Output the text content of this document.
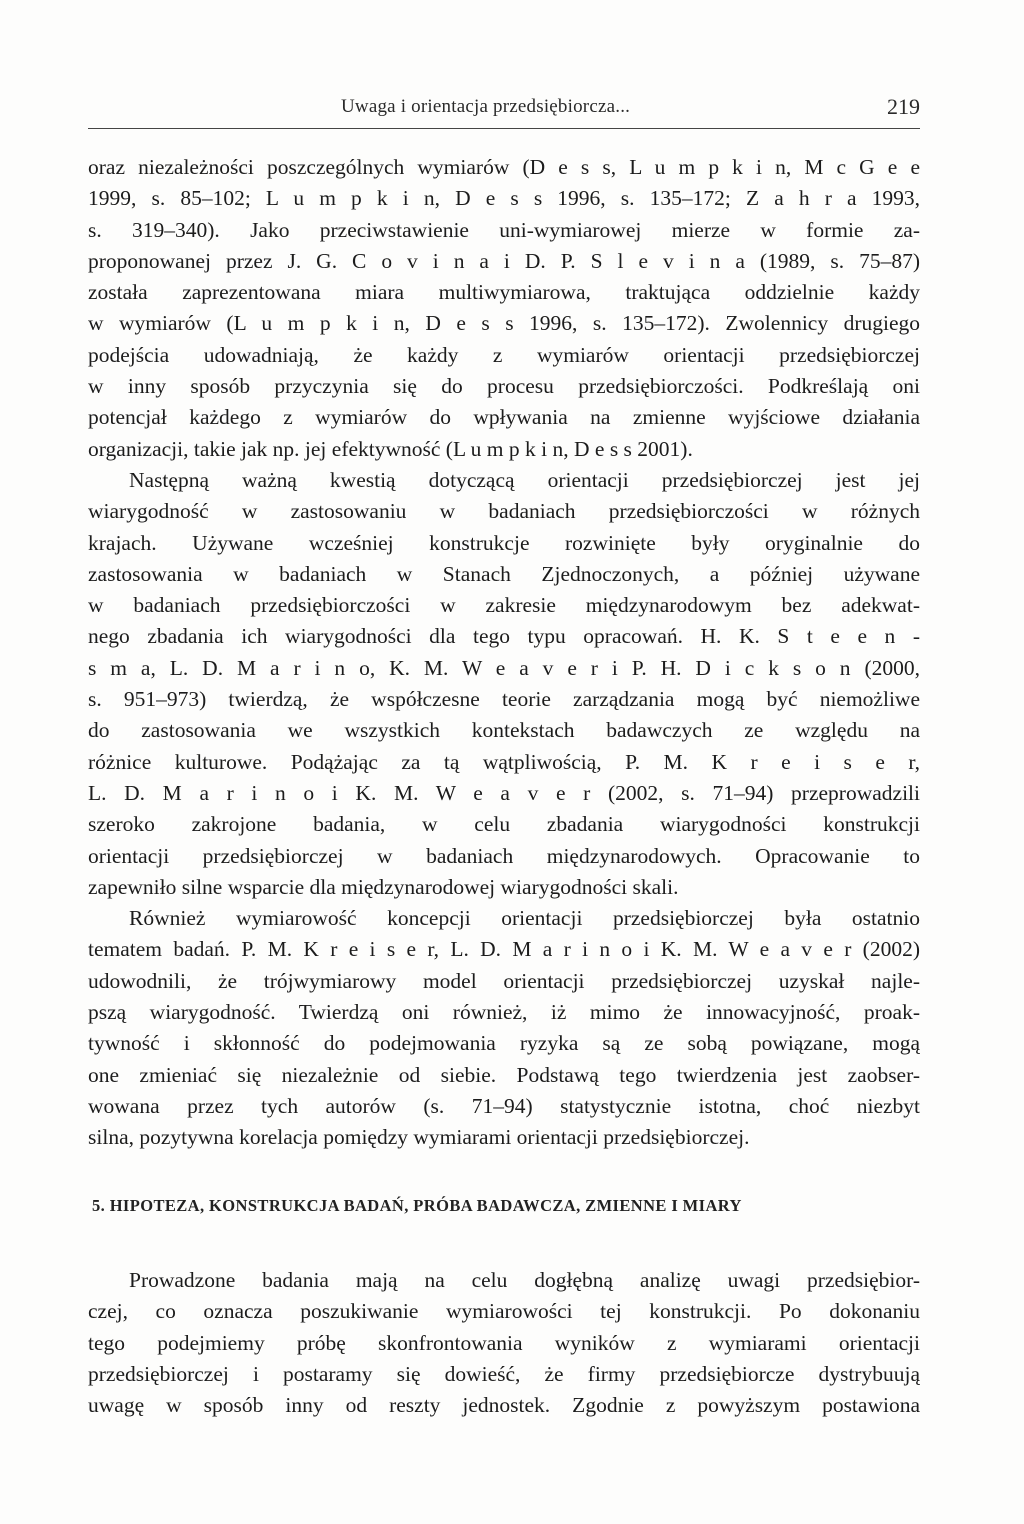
Uwaga i orientacja przedsiębiorcza...	219
oraz niezależności poszczególnych wymiarów (D e s s, L u m p k i n, M c G e e
1999, s. 85–102; L u m p k i n, D e s s 1996, s. 135–172; Z a h r a 1993,
s. 319–340). Jako przeciwstawienie uni-wymiarowej mierze w formie za-
proponowanej przez J. G. C o v i n a i D. P. S l e v i n a (1989, s. 75–87)
została zaprezentowana miara multiwymiarowa, traktująca oddzielnie każdy
w wymiarów (L u m p k i n, D e s s 1996, s. 135–172). Zwolennicy drugiego
podejścia udowadniają, że każdy z wymiarów orientacji przedsiębiorczej
w inny sposób przyczynia się do procesu przedsiębiorczości. Podkreślają oni
potencjał każdego z wymiarów do wpływania na zmienne wyjściowe działania
organizacji, takie jak np. jej efektywność (L u m p k i n, D e s s 2001).
Następną ważną kwestią dotyczącą orientacji przedsiębiorczej jest jej
wiarygodność w zastosowaniu w badaniach przedsiębiorczości w różnych
krajach. Używane wcześniej konstrukcje rozwinięte były oryginalnie do
zastosowania w badaniach w Stanach Zjednoczonych, a później używane
w badaniach przedsiębiorczości w zakresie międzynarodowym bez adekwat-
nego zbadania ich wiarygodności dla tego typu opracowań. H. K. S t e e n -
s m a, L. D. M a r i n o, K. M. W e a v e r i P. H. D i c k s o n (2000,
s. 951–973) twierdzą, że współczesne teorie zarządzania mogą być niemożliwe
do zastosowania we wszystkich kontekstach badawczych ze względu na
różnice kulturowe. Podążając za tą wątpliwością, P. M. K r e i s e r,
L. D. M a r i n o i K. M. W e a v e r (2002, s. 71–94) przeprowadzili
szeroko zakrojone badania, w celu zbadania wiarygodności konstrukcji
orientacji przedsiębiorczej w badaniach międzynarodowych. Opracowanie to
zapewniło silne wsparcie dla międzynarodowej wiarygodności skali.
Również wymiarowość koncepcji orientacji przedsiębiorczej była ostatnio
tematem badań. P. M. K r e i s e r, L. D. M a r i n o i K. M. W e a v e r (2002)
udowodnili, że trójwymiarowy model orientacji przedsiębiorczej uzyskał najle-
pszą wiarygodność. Twierdzą oni również, iż mimo że innowacyjność, proak-
tywność i skłonność do podejmowania ryzyka są ze sobą powiązane, mogą
one zmieniać się niezależnie od siebie. Podstawą tego twierdzenia jest zaobser-
wowana przez tych autorów (s. 71–94) statystycznie istotna, choć niezbyt
silna, pozytywna korelacja pomiędzy wymiarami orientacji przedsiębiorczej.
5. HIPOTEZA, KONSTRUKCJA BADAŃ, PRÓBA BADAWCZA, ZMIENNE I MIARY
Prowadzone badania mają na celu dogłębną analizę uwagi przedsiębior-
czej, co oznacza poszukiwanie wymiarowości tej konstrukcji. Po dokonaniu
tego podejmiemy próbę skonfrontowania wyników z wymiarami orientacji
przedsiębiorczej i postaramy się dowieść, że firmy przedsiębiorcze dystrybuują
uwagę w sposób inny od reszty jednostek. Zgodnie z powyższym postawiona
